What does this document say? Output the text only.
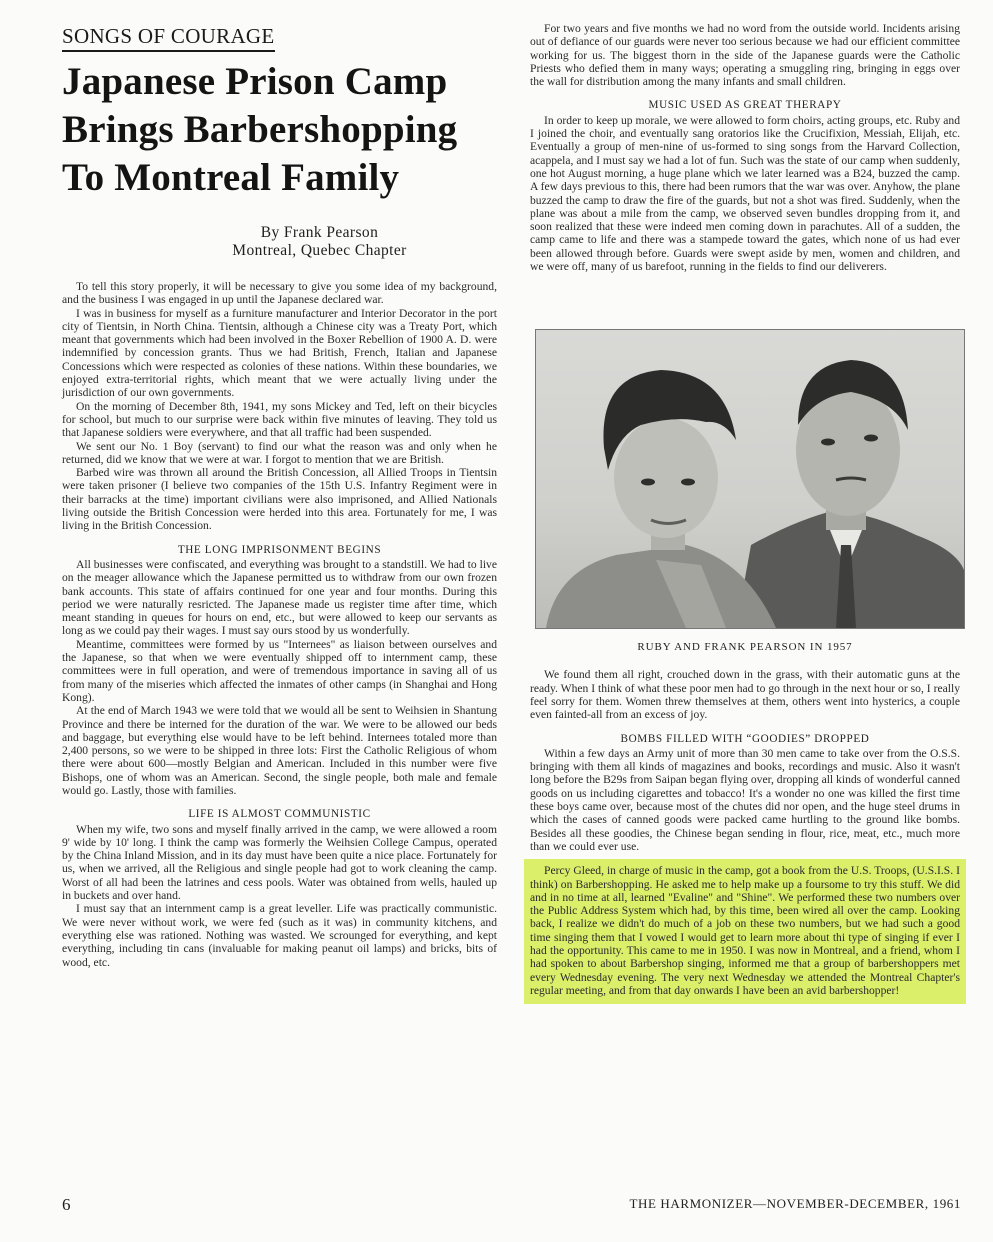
SONGS OF COURAGE
Japanese Prison Camp
Brings Barbershopping
To Montreal Family
By Frank Pearson
Montreal, Quebec Chapter

To tell this story properly, it will be necessary to give you some idea of my background, and the business I was engaged in up until the Japanese declared war.

I was in business for myself as a furniture manufacturer and Interior Decorator in the port city of Tientsin, in North China. Tientsin, although a Chinese city was a Treaty Port, which meant that governments which had been involved in the Boxer Rebellion of 1900 A. D. were indemnified by concession grants. Thus we had British, French, Italian and Japanese Concessions which were respected as colonies of these nations. Within these boundaries, we enjoyed extra-territorial rights, which meant that we were actually living under the jurisdiction of our own governments.

On the morning of December 8th, 1941, my sons Mickey and Ted, left on their bicycles for school, but much to our surprise were back within five minutes of leaving. They told us that Japanese soldiers were everywhere, and that all traffic had been suspended.

We sent our No. 1 Boy (servant) to find our what the reason was and only when he returned, did we know that we were at war. I forgot to mention that we are British.

Barbed wire was thrown all around the British Concession, all Allied Troops in Tientsin were taken prisoner (I believe two companies of the 15th U.S. Infantry Regiment were in their barracks at the time) important civilians were also imprisoned, and Allied Nationals living outside the British Concession were herded into this area. Fortunately for me, I was living in the British Concession.

THE LONG IMPRISONMENT BEGINS

All businesses were confiscated, and everything was brought to a standstill. We had to live on the meager allowance which the Japanese permitted us to withdraw from our own frozen bank accounts. This state of affairs continued for one year and four months. During this period we were naturally resricted. The Japanese made us register time after time, which meant standing in queues for hours on end, etc., but were allowed to keep our servants as long as we could pay their wages. I must say ours stood by us wonderfully.

Meantime, committees were formed by us "Internees" as liaison between ourselves and the Japanese, so that when we were eventually shipped off to internment camp, these committees were in full operation, and were of tremendous importance in saving all of us from many of the miseries which affected the inmates of other camps (in Shanghai and Hong Kong).

At the end of March 1943 we were told that we would all be sent to Weihsien in Shantung Province and there be interned for the duration of the war. We were to be allowed our beds and baggage, but everything else would have to be left behind. Internees totaled more than 2,400 persons, so we were to be shipped in three lots: First the Catholic Religious of whom there were about 600—mostly Belgian and American. Included in this number were five Bishops, one of whom was an American. Second, the single people, both male and female would go. Lastly, those with families.

LIFE IS ALMOST COMMUNISTIC

When my wife, two sons and myself finally arrived in the camp, we were allowed a room 9' wide by 10' long. I think the camp was formerly the Weihsien College Campus, operated by the China Inland Mission, and in its day must have been quite a nice place. Fortunately for us, when we arrived, all the Religious and single people had got to work cleaning the camp. Worst of all had been the latrines and cess pools. Water was obtained from wells, hauled up in buckets and over hand.

I must say that an internment camp is a great leveller. Life was practically communistic. We were never without work, we were fed (such as it was) in community kitchens, and everything else was rationed. Nothing was wasted. We scrounged for everything, and kept everything, including tin cans (invaluable for making peanut oil lamps) and bricks, bits of wood, etc.

For two years and five months we had no word from the outside world. Incidents arising out of defiance of our guards were never too serious because we had our efficient committee working for us. The biggest thorn in the side of the Japanese guards were the Catholic Priests who defied them in many ways; operating a smuggling ring, bringing in eggs over the wall for distribution among the many infants and small children.

MUSIC USED AS GREAT THERAPY

In order to keep up morale, we were allowed to form choirs, acting groups, etc. Ruby and I joined the choir, and eventually sang oratorios like the Crucifixion, Messiah, Elijah, etc. Eventually a group of men-nine of us-formed to sing songs from the Harvard Collection, acappela, and I must say we had a lot of fun. Such was the state of our camp when suddenly, one hot August morning, a huge plane which we later learned was a B24, buzzed the camp. A few days previous to this, there had been rumors that the war was over. Anyhow, the plane buzzed the camp to draw the fire of the guards, but not a shot was fired. Suddenly, when the plane was about a mile from the camp, we observed seven bundles dropping from it, and soon realized that these were indeed men coming down in parachutes. All of a sudden, the camp came to life and there was a stampede toward the gates, which none of us had ever been allowed through before. Guards were swept aside by men, women and children, and we were off, many of us barefoot, running in the fields to find our deliverers.

RUBY AND FRANK PEARSON IN 1957

We found them all right, crouched down in the grass, with their automatic guns at the ready. When I think of what these poor men had to go through in the next hour or so, I really feel sorry for them. Women threw themselves at them, others went into hysterics, a couple even fainted-all from an excess of joy.

BOMBS FILLED WITH “GOODIES” DROPPED

Within a few days an Army unit of more than 30 men came to take over from the O.S.S. bringing with them all kinds of magazines and books, recordings and music. Also it wasn't long before the B29s from Saipan began flying over, dropping all kinds of wonderful canned goods on us including cigarettes and tobacco! It's a wonder no one was killed the first time these boys came over, because most of the chutes did nor open, and the huge steel drums in which the cases of canned goods were packed came hurtling to the ground like bombs. Besides all these goodies, the Chinese began sending in flour, rice, meat, etc., much more than we could ever use.

Percy Gleed, in charge of music in the camp, got a book from the U.S. Troops, (U.S.I.S. I think) on Barbershopping. He asked me to help make up a foursome to try this stuff. We did and in no time at all, learned "Evaline" and "Shine". We performed these two numbers over the Public Address System which had, by this time, been wired all over the camp. Looking back, I realize we didn't do much of a job on these two numbers, but we had such a good time singing them that I vowed I would get to learn more about thi type of singing if ever I had the opportunity. This came to me in 1950. I was now in Montreal, and a friend, whom I had spoken to about Barbershop singing, informed me that a group of barbershoppers met every Wednesday evening. The very next Wednesday we attended the Montreal Chapter's regular meeting, and from that day onwards I have been an avid barbershopper!

6	THE HARMONIZER—NOVEMBER-DECEMBER, 1961
